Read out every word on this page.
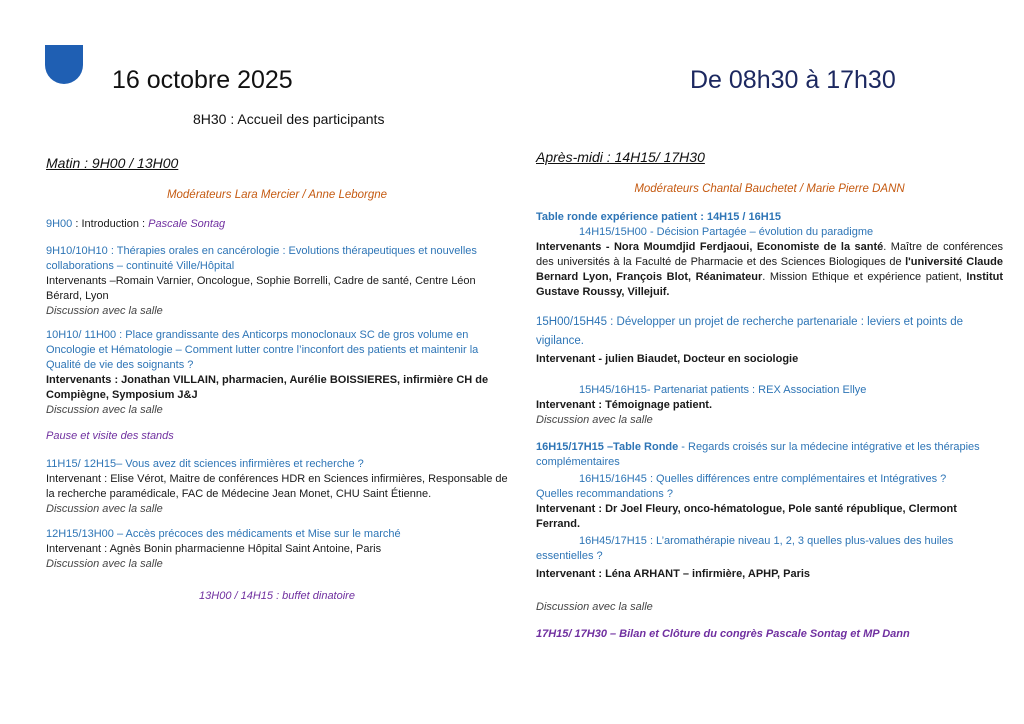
16 octobre 2025	De 08h30 à 17h30
8H30 : Accueil des participants
Matin : 9H00 / 13H00
Modérateurs Lara Mercier / Anne Leborgne
9H00 : Introduction : Pascale Sontag
9H10/10H10 : Thérapies orales en cancérologie : Evolutions thérapeutiques et nouvelles collaborations – continuité Ville/Hôpital
Intervenants –Romain Varnier, Oncologue, Sophie Borrelli, Cadre de santé, Centre Léon Bérard, Lyon
Discussion avec la salle
10H10/ 11H00 : Place grandissante des Anticorps monoclonaux SC de gros volume en Oncologie et Hématologie – Comment lutter contre l’inconfort des patients et maintenir la Qualité de vie des soignants ?
Intervenants : Jonathan VILLAIN, pharmacien, Aurélie BOISSIERES, infirmière CH de Compiègne, Symposium J&J
Discussion avec la salle
Pause et visite des stands
11H15/ 12H15– Vous avez dit sciences infirmières et recherche ?
Intervenant : Elise Vérot, Maitre de conférences HDR en Sciences infirmières, Responsable de la recherche paramédicale, FAC de Médecine Jean Monet, CHU Saint Étienne.
Discussion avec la salle
12H15/13H00 – Accès précoces des médicaments et Mise sur le marché
Intervenant : Agnès Bonin pharmacienne Hôpital Saint Antoine, Paris
Discussion avec la salle
13H00 / 14H15 : buffet dinatoire
Après-midi : 14H15/ 17H30
Modérateurs Chantal Bauchetet / Marie Pierre DANN
Table ronde expérience patient : 14H15 / 16H15
14H15/15H00 - Décision Partagée – évolution du paradigme
Intervenants - Nora Moumdjid Ferdjaoui, Economiste de la santé. Maître de conférences des universités à la Faculté de Pharmacie et des Sciences Biologiques de l'université Claude Bernard Lyon, François Blot, Réanimateur. Mission Ethique et expérience patient, Institut Gustave Roussy, Villejuif.
15H00/15H45 : Développer un projet de recherche partenariale : leviers et points de vigilance.
Intervenant - julien Biaudet, Docteur en sociologie
15H45/16H15- Partenariat patients : REX Association Ellye
Intervenant : Témoignage patient.
Discussion avec la salle
16H15/17H15 –Table Ronde - Regards croisés sur la médecine intégrative et les thérapies complémentaires
16H15/16H45 : Quelles différences entre complémentaires et Intégratives ?
Quelles recommandations ?
Intervenant : Dr Joel Fleury, onco-hématologue, Pole santé république, Clermont Ferrand.
16H45/17H15 : L’aromathérapie niveau 1, 2, 3 quelles plus-values des huiles
essentielles ?
Intervenant : Léna ARHANT – infirmière, APHP, Paris
Discussion avec la salle
17H15/ 17H30 – Bilan et Clôture du congrès Pascale Sontag et MP Dann
